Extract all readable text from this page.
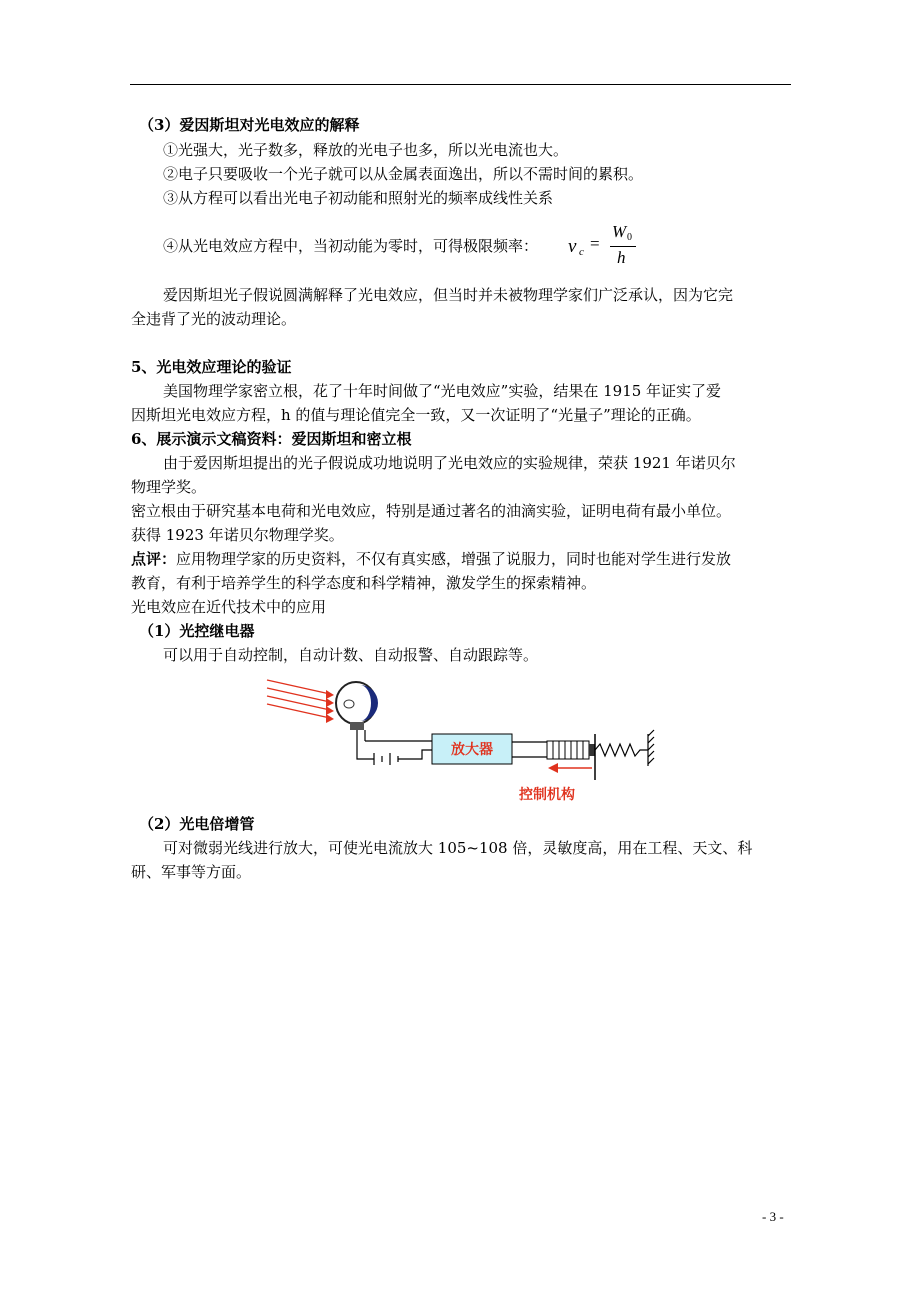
（3）爱因斯坦对光电效应的解释
①光强大，光子数多，释放的光电子也多，所以光电流也大。
②电子只要吸收一个光子就可以从金属表面逸出，所以不需时间的累积。
③从方程可以看出光电子初动能和照射光的频率成线性关系
④从光电效应方程中，当初动能为零时，可得极限频率： ν c =
W 0
h
爱因斯坦光子假说圆满解释了光电效应，但当时并未被物理学家们广泛承认，因为它完
全违背了光的波动理论。
5、光电效应理论的验证
美国物理学家密立根，花了十年时间做了“光电效应”实验，结果在 1915 年证实了爱
因斯坦光电效应方程，h 的值与理论值完全一致，又一次证明了“光量子”理论的正确。
6、展示演示文稿资料：爱因斯坦和密立根
由于爱因斯坦提出的光子假说成功地说明了光电效应的实验规律，荣获 1921 年诺贝尔
物理学奖。
密立根由于研究基本电荷和光电效应，特别是通过著名的油滴实验，证明电荷有最小单位。
获得 1923 年诺贝尔物理学奖。
点评：应用物理学家的历史资料，不仅有真实感，增强了说服力，同时也能对学生进行发放
教育，有利于培养学生的科学态度和科学精神，激发学生的探索精神。
光电效应在近代技术中的应用
（1）光控继电器
可以用于自动控制，自动计数、自动报警、自动跟踪等。
放大器
控制机构
（2）光电倍增管
可对微弱光线进行放大，可使光电流放大 105~108 倍，灵敏度高，用在工程、天文、科
研、军事等方面。
- 3 -
